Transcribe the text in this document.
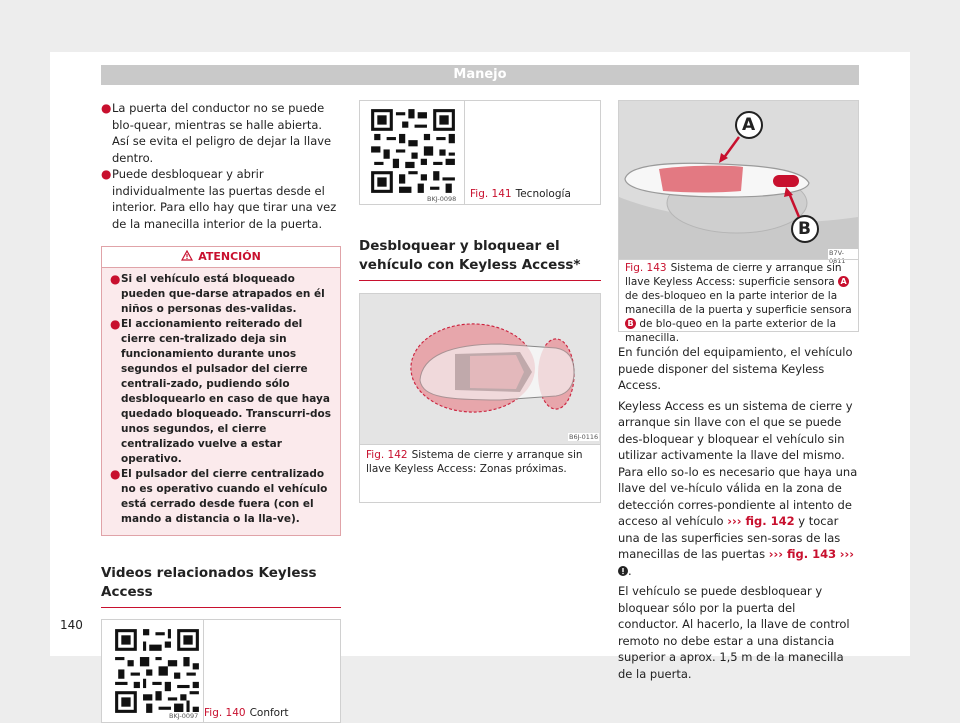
Manejo

● La puerta del conductor no se puede blo-quear, mientras se halle abierta. Así se evita el peligro de dejar la llave dentro.

● Puede desbloquear y abrir individualmente las puertas desde el interior. Para ello hay que tirar una vez de la manecilla interior de la puerta.

ATENCIÓN

● Si el vehículo está bloqueado pueden que-darse atrapados en él niños o personas des-validas.

● El accionamiento reiterado del cierre cen-tralizado deja sin funcionamiento durante unos segundos el pulsador del cierre centrali-zado, pudiendo sólo desbloquearlo en caso de que haya quedado bloqueado. Transcurri-dos unos segundos, el cierre centralizado vuelve a estar operativo.

● El pulsador del cierre centralizado no es operativo cuando el vehículo está cerrado desde fuera (con el mando a distancia o la lla-ve).

Videos relacionados Keyless Access
BKJ-0097 Fig. 140 Confort
BKJ-0098 Fig. 141 Tecnología
Desbloquear y bloquear el vehículo con Keyless Access*
B6J-0116
Fig. 142 Sistema de cierre y arranque sin llave Keyless Access: Zonas próximas.
A
B
B7V-0811
Fig. 143 Sistema de cierre y arranque sin llave Keyless Access: superficie sensora A de des-bloqueo en la parte interior de la manecilla de la puerta y superficie sensora B de blo-queo en la parte exterior de la manecilla.

En función del equipamiento, el vehículo puede disponer del sistema Keyless Access.

Keyless Access es un sistema de cierre y arranque sin llave con el que se puede des-bloquear y bloquear el vehículo sin utilizar activamente la llave del mismo. Para ello so-lo es necesario que haya una llave del ve-hículo válida en la zona de detección corres-pondiente al intento de acceso al vehículo ››› fig. 142 y tocar una de las superficies sen-soras de las manecillas de las puertas ››› fig. 143 ››› .

El vehículo se puede desbloquear y bloquear sólo por la puerta del conductor. Al hacerlo, la llave de control remoto no debe estar a una distancia superior a aprox. 1,5 m de la manecilla de la puerta.

140
